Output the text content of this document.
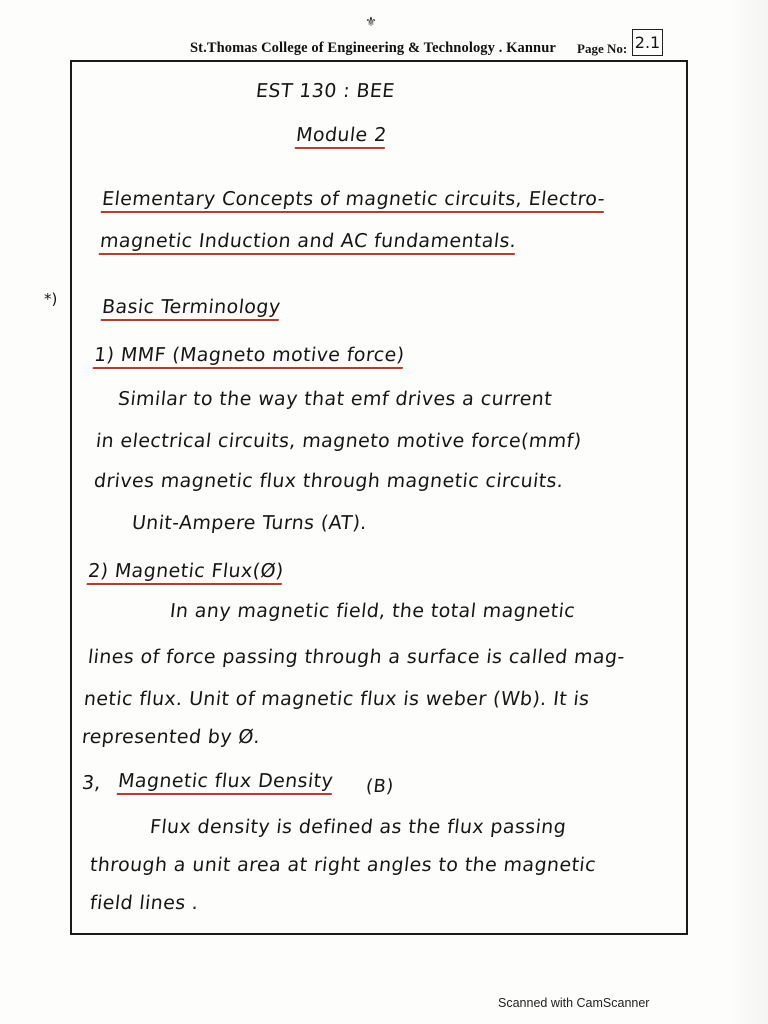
⚜
St.Thomas College of Engineering & Technology . Kannur Page No: 2.1
EST 130 : BEE
Module 2
Elementary Concepts of magnetic circuits, Electro-
magnetic Induction and AC fundamentals.
*) Basic Terminology
1) MMF (Magneto motive force)
Similar to the way that emf drives a current
in electrical circuits, magneto motive force(mmf)
drives magnetic flux through magnetic circuits.
Unit-Ampere Turns (AT).
2) Magnetic Flux(Ø)
In any magnetic field, the total magnetic
lines of force passing through a surface is called mag-
netic flux. Unit of magnetic flux is weber (Wb). It is
represented by Ø.
3, Magnetic flux Density (B)
Flux density is defined as the flux passing
through a unit area at right angles to the magnetic
field lines .
Scanned with CamScanner
